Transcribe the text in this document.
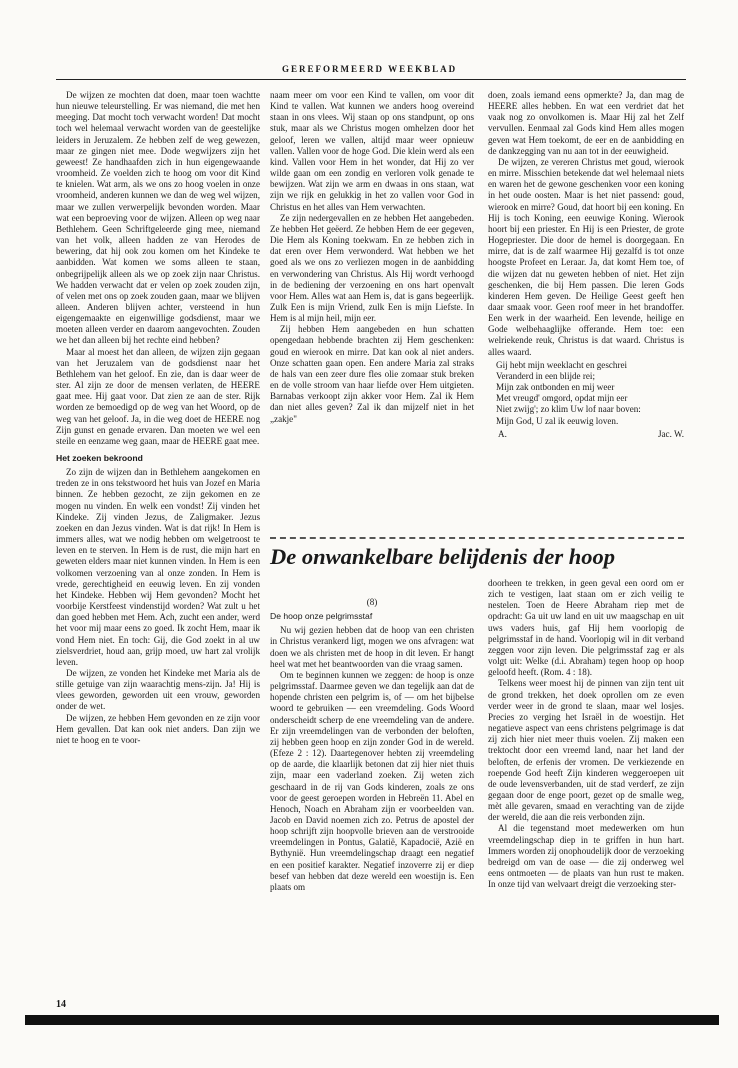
GEREFORMEERD WEEKBLAD

De wijzen ze mochten dat doen, maar toen wachtte hun nieuwe teleurstelling. Er was niemand, die met hen meeging. Dat mocht toch verwacht worden! Dat mocht toch wel helemaal verwacht worden van de geestelijke leiders in Jeruzalem. Ze hebben zelf de weg gewezen, maar ze gingen niet mee. Dode wegwijzers zijn het geweest! Ze handhaafden zich in hun eigengewaande vroomheid. Ze voelden zich te hoog om voor dit Kind te knielen. Wat arm, als we ons zo hoog voelen in onze vroomheid, anderen kunnen we dan de weg wel wijzen, maar we zullen verwerpelijk bevonden worden. Maar wat een beproeving voor de wijzen. Alleen op weg naar Bethlehem. Geen Schriftgeleerde ging mee, niemand van het volk, alleen hadden ze van Herodes de bewering, dat hij ook zou komen om het Kindeke te aanbidden. Wat komen we soms alleen te staan, onbegrijpelijk alleen als we op zoek zijn naar Christus. We hadden verwacht dat er velen op zoek zouden zijn, of velen met ons op zoek zouden gaan, maar we blijven alleen. Anderen blijven achter, versteend in hun eigengemaakte en eigenwillige godsdienst, maar we moeten alleen verder en daarom aangevochten. Zouden we het dan alleen bij het rechte eind hebben?

Maar al moest het dan alleen, de wijzen zijn gegaan van het Jeruzalem van de godsdienst naar het Bethlehem van het geloof. En zie, dan is daar weer de ster. Al zijn ze door de mensen verlaten, de HEERE gaat mee. Hij gaat voor. Dat zien ze aan de ster. Rijk worden ze bemoedigd op de weg van het Woord, op de weg van het geloof. Ja, in die weg doet de HEERE nog Zijn gunst en genade ervaren. Dan moeten we wel een steile en eenzame weg gaan, maar de HEERE gaat mee.

Het zoeken bekroond

Zo zijn de wijzen dan in Bethlehem aangekomen en treden ze in ons tekstwoord het huis van Jozef en Maria binnen. Ze hebben gezocht, ze zijn gekomen en ze mogen nu vinden. En welk een vondst! Zij vinden het Kindeke. Zij vinden Jezus, de Zaligmaker. Jezus zoeken en dan Jezus vinden. Wat is dat rijk! In Hem is immers alles, wat we nodig hebben om welgetroost te leven en te sterven. In Hem is de rust, die mijn hart en geweten elders maar niet kunnen vinden. In Hem is een volkomen verzoening van al onze zonden. In Hem is vrede, gerechtigheid en eeuwig leven. En zij vonden het Kindeke. Hebben wij Hem gevonden? Mocht het voorbije Kerstfeest vindenstijd worden? Wat zult u het dan goed hebben met Hem. Ach, zucht een ander, werd het voor mij maar eens zo goed. Ik zocht Hem, maar ik vond Hem niet. En toch: Gij, die God zoekt in al uw zielsverdriet, houd aan, grijp moed, uw hart zal vrolijk leven.

De wijzen, ze vonden het Kindeke met Maria als de stille getuige van zijn waarachtig mens-zijn. Ja! Hij is vlees geworden, geworden uit een vrouw, geworden onder de wet.

De wijzen, ze hebben Hem gevonden en ze zijn voor Hem gevallen. Dat kan ook niet anders. Dan zijn we niet te hoog en te voor-

naam meer om voor een Kind te vallen, om voor dit Kind te vallen. Wat kunnen we anders hoog overeind staan in ons vlees. Wij staan op ons standpunt, op ons stuk, maar als we Christus mogen omhelzen door het geloof, leren we vallen, altijd maar weer opnieuw vallen. Vallen voor de hoge God. Die klein werd als een kind. Vallen voor Hem in het wonder, dat Hij zo ver wilde gaan om een zondig en verloren volk genade te bewijzen. Wat zijn we arm en dwaas in ons staan, wat zijn we rijk en gelukkig in het zo vallen voor God in Christus en het alles van Hem verwachten.

Ze zijn nedergevallen en ze hebben Het aangebeden. Ze hebben Het geëerd. Ze hebben Hem de eer gegeven, Die Hem als Koning toekwam. En ze hebben zich in dat eren over Hem verwonderd. Wat hebben we het goed als we ons zo verliezen mogen in de aanbidding en verwondering van Christus. Als Hij wordt verhoogd in de bediening der verzoening en ons hart openvalt voor Hem. Alles wat aan Hem is, dat is gans begeerlijk. Zulk Een is mijn Vriend, zulk Een is mijn Liefste. In Hem is al mijn heil, mijn eer.

Zij hebben Hem aangebeden en hun schatten opengedaan hebbende brachten zij Hem geschenken: goud en wierook en mirre. Dat kan ook al niet anders. Onze schatten gaan open. Een andere Maria zal straks de hals van een zeer dure fles olie zomaar stuk breken en de volle stroom van haar liefde over Hem uitgieten. Barnabas verkoopt zijn akker voor Hem. Zal ik Hem dan niet alles geven? Zal ik dan mijzelf niet in het „zakje"

doen, zoals iemand eens opmerkte? Ja, dan mag de HEERE alles hebben. En wat een verdriet dat het vaak nog zo onvolkomen is. Maar Hij zal het Zelf vervullen. Eenmaal zal Gods kind Hem alles mogen geven wat Hem toekomt, de eer en de aanbidding en de dankzegging van nu aan tot in der eeuwigheid.

De wijzen, ze vereren Christus met goud, wierook en mirre. Misschien betekende dat wel helemaal niets en waren het de gewone geschenken voor een koning in het oude oosten. Maar is het niet passend: goud, wierook en mirre? Goud, dat hoort bij een koning. En Hij is toch Koning, een eeuwige Koning. Wierook hoort bij een priester. En Hij is een Priester, de grote Hogepriester. Die door de hemel is doorgegaan. En mirre, dat is de zalf waarmee Hij gezalfd is tot onze hoogste Profeet en Leraar. Ja, dat komt Hem toe, of die wijzen dat nu geweten hebben of niet. Het zijn geschenken, die bij Hem passen. Die leren Gods kinderen Hem geven. De Heilige Geest geeft hen daar smaak voor. Geen roof meer in het brandoffer. Een werk in der waarheid. Een levende, heilige en Gode welbehaaglijke offerande. Hem toe: een welriekende reuk, Christus is dat waard. Christus is alles waard.

Gij hebt mijn weeklacht en geschrei
Veranderd in een blijde rei;
Mijn zak ontbonden en mij weer
Met vreugd' omgord, opdat mijn eer
Niet zwijg'; zo klim Uw lof naar boven:
Mijn God, U zal ik eeuwig loven.

A.	Jac. W.

De onwankelbare belijdenis der hoop
(8)
De hoop onze pelgrimsstaf

Nu wij gezien hebben dat de hoop van een christen in Christus verankerd ligt, mogen we ons afvragen: wat doen we als christen met de hoop in dit leven. Er hangt heel wat met het beantwoorden van die vraag samen.

Om te beginnen kunnen we zeggen: de hoop is onze pelgrimsstaf. Daarmee geven we dan tegelijk aan dat de hopende christen een pelgrim is, of — om het bijbelse woord te gebruiken — een vreemdeling. Gods Woord onderscheidt scherp de ene vreemdeling van de andere. Er zijn vreemdelingen van de verbonden der beloften, zij hebben geen hoop en zijn zonder God in de wereld. (Efeze 2 : 12). Daartegenover hebten zij vreemdeling op de aarde, die klaarlijk betonen dat zij hier niet thuis zijn, maar een vaderland zoeken. Zij weten zich geschaard in de rij van Gods kinderen, zoals ze ons voor de geest geroepen worden in Hebreën 11. Abel en Henoch, Noach en Abraham zijn er voorbeelden van. Jacob en David noemen zich zo. Petrus de apostel der hoop schrijft zijn hoopvolle brieven aan de verstrooide vreemdelingen in Pontus, Galatië, Kapadocië, Azië en Bythynië. Hun vreemdelingschap draagt een negatief en een positief karakter. Negatief inzoverre zij er diep besef van hebben dat deze wereld een woestijn is. Een plaats om

doorheen te trekken, in geen geval een oord om er zich te vestigen, laat staan om er zich veilig te nestelen. Toen de Heere Abraham riep met de opdracht: Ga uit uw land en uit uw maagschap en uit uws vaders huis, gaf Hij hem voorlopig de pelgrimsstaf in de hand. Voorlopig wil in dit verband zeggen voor zijn leven. Die pelgrimsstaf zag er als volgt uit: Welke (d.i. Abraham) tegen hoop op hoop geloofd heeft. (Rom. 4 : 18).

Telkens weer moest hij de pinnen van zijn tent uit de grond trekken, het doek oprollen om ze even verder weer in de grond te slaan, maar wel losjes. Precies zo verging het Israël in de woestijn. Het negatieve aspect van eens christens pelgrimage is dat zij zich hier niet meer thuis voelen. Zij maken een trektocht door een vreemd land, naar het land der beloften, de erfenis der vromen. De verkiezende en roepende God heeft Zijn kinderen weggeroepen uit de oude levensverbanden, uit de stad verderf, ze zijn gegaan door de enge poort, gezet op de smalle weg, mèt alle gevaren, smaad en verachting van de zijde der wereld, die aan die reis verbonden zijn.

Al die tegenstand moet medewerken om hun vreemdelingschap diep in te griffen in hun hart. Immers worden zij onophoudelijk door de verzoeking bedreigd om van de oase — die zij onderweg wel eens ontmoeten — de plaats van hun rust te maken. In onze tijd van welvaart dreigt die verzoeking ster-

14
